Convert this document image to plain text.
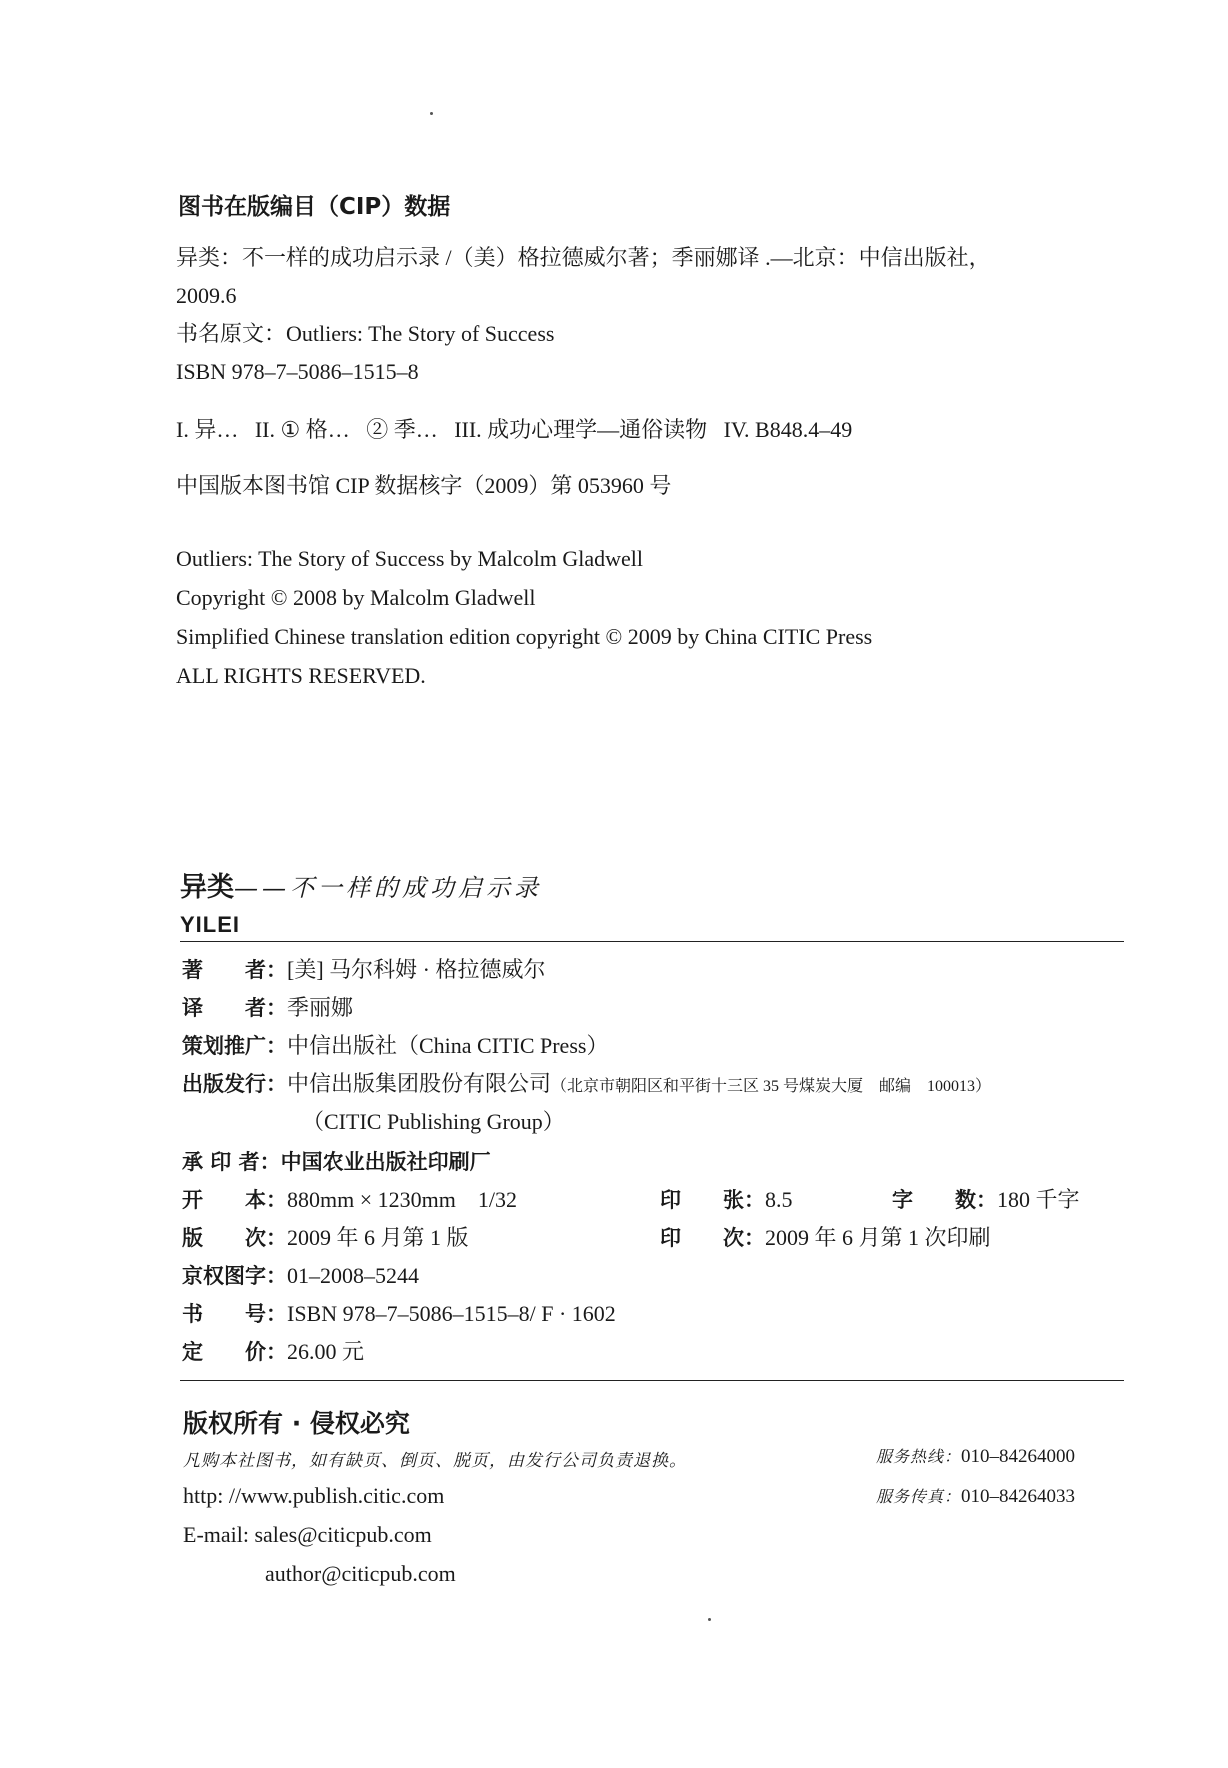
图书在版编目（CIP）数据
异类：不一样的成功启示录 /（美）格拉德威尔著；季丽娜译 .—北京：中信出版社，
2009.6
书名原文：Outliers: The Story of Success
ISBN 978–7–5086–1515–8
I. 异…   II. ① 格…   ② 季…   III. 成功心理学—通俗读物   IV. B848.4–49
中国版本图书馆 CIP 数据核字（2009）第 053960 号
Outliers: The Story of Success by Malcolm Gladwell
Copyright © 2008 by Malcolm Gladwell
Simplified Chinese translation edition copyright © 2009 by China CITIC Press
ALL RIGHTS RESERVED.
异类——不一样的成功启示录
YILEI
著　　者：[美] 马尔科姆 · 格拉德威尔
译　　者：季丽娜
策划推广：中信出版社（China CITIC Press）
出版发行：中信出版集团股份有限公司（北京市朝阳区和平街十三区 35 号煤炭大厦　邮编　100013）
（CITIC Publishing Group）
承 印 者：中国农业出版社印刷厂
开　　本：880mm × 1230mm　1/32	印　　张：8.5	字　　数：180 千字
版　　次：2009 年 6 月第 1 版	印　　次：2009 年 6 月第 1 次印刷
京权图字：01–2008–5244
书　　号：ISBN 978–7–5086–1515–8/ F · 1602
定　　价：26.00 元
版权所有 · 侵权必究
凡购本社图书，如有缺页、倒页、脱页，由发行公司负责退换。	服务热线：010–84264000
服务传真：010–84264033
http: //www.publish.citic.com
E-mail: sales@citicpub.com
author@citicpub.com
